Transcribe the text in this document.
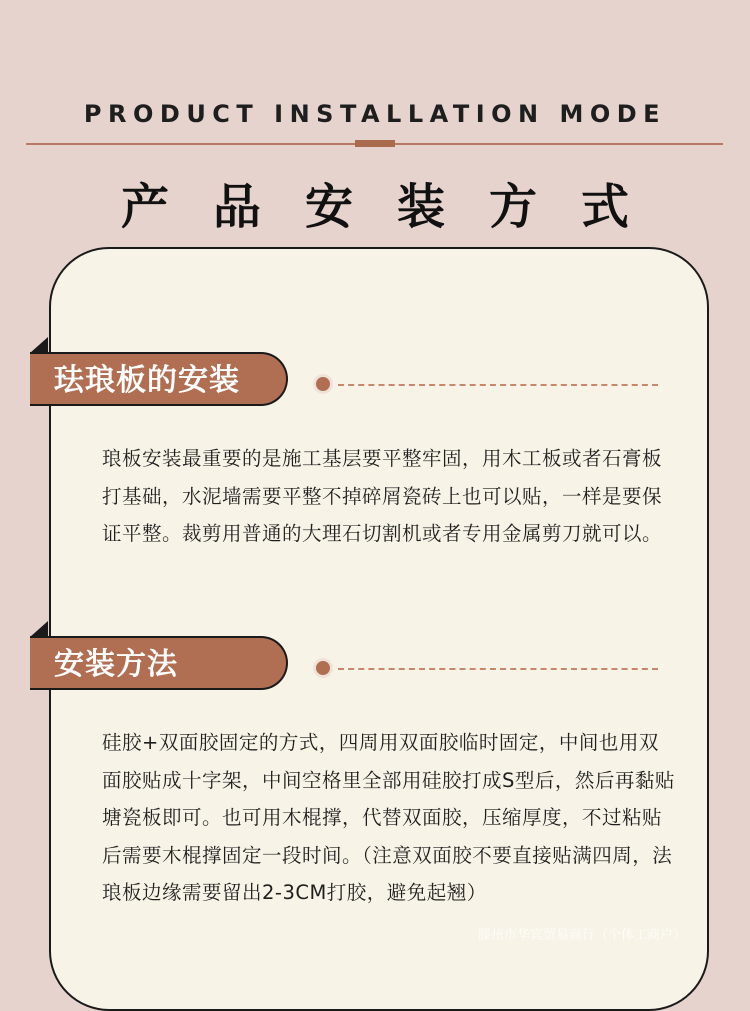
PRODUCT INSTALLATION MODE
产品安装方式
珐琅板的安装
琅板安装最重要的是施工基层要平整牢固，用木工板或者石膏板打基础，水泥墙需要平整不掉碎屑瓷砖上也可以贴，一样是要保证平整。裁剪用普通的大理石切割机或者专用金属剪刀就可以。
安装方法
硅胶+双面胶固定的方式，四周用双面胶临时固定，中间也用双面胶贴成十字架，中间空格里全部用硅胶打成S型后，然后再黏贴塘瓷板即可。也可用木棍撑，代替双面胶，压缩厚度，不过粘贴后需要木棍撑固定一段时间。（注意双面胶不要直接贴满四周，法琅板边缘需要留出2-3CM打胶，避免起翘）
滕州市华宾贸易商行（个体工商户）
